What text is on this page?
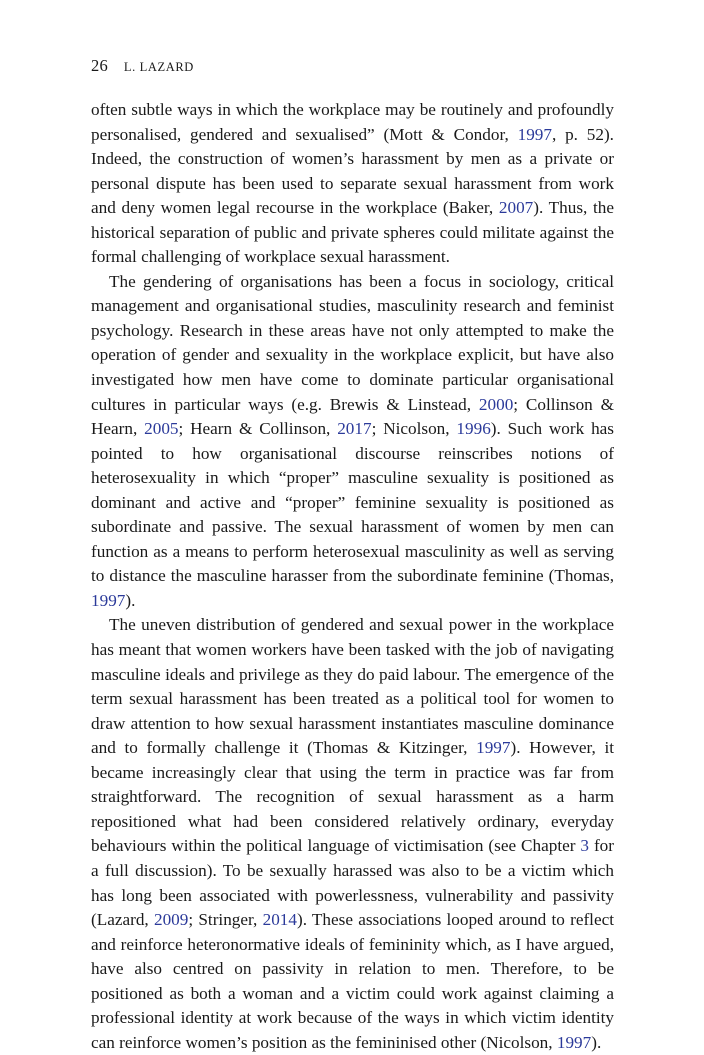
26 L. LAZARD

often subtle ways in which the workplace may be routinely and profoundly personalised, gendered and sexualised” (Mott & Condor, 1997, p. 52). Indeed, the construction of women’s harassment by men as a private or personal dispute has been used to separate sexual harassment from work and deny women legal recourse in the workplace (Baker, 2007). Thus, the historical separation of public and private spheres could militate against the formal challenging of workplace sexual harassment.

The gendering of organisations has been a focus in sociology, critical management and organisational studies, masculinity research and feminist psychology. Research in these areas have not only attempted to make the operation of gender and sexuality in the workplace explicit, but have also investigated how men have come to dominate particular organisational cultures in particular ways (e.g. Brewis & Linstead, 2000; Collinson & Hearn, 2005; Hearn & Collinson, 2017; Nicolson, 1996). Such work has pointed to how organisational discourse reinscribes notions of heterosexuality in which “proper” masculine sexuality is positioned as dominant and active and “proper” feminine sexuality is positioned as subordinate and passive. The sexual harassment of women by men can function as a means to perform heterosexual masculinity as well as serving to distance the masculine harasser from the subordinate feminine (Thomas, 1997).

The uneven distribution of gendered and sexual power in the workplace has meant that women workers have been tasked with the job of navigating masculine ideals and privilege as they do paid labour. The emergence of the term sexual harassment has been treated as a political tool for women to draw attention to how sexual harassment instantiates masculine dominance and to formally challenge it (Thomas & Kitzinger, 1997). However, it became increasingly clear that using the term in practice was far from straightforward. The recognition of sexual harassment as a harm repositioned what had been considered relatively ordinary, everyday behaviours within the political language of victimisation (see Chapter 3 for a full discussion). To be sexually harassed was also to be a victim which has long been associated with powerlessness, vulnerability and passivity (Lazard, 2009; Stringer, 2014). These associations looped around to reflect and reinforce heteronormative ideals of femininity which, as I have argued, have also centred on passivity in relation to men. Therefore, to be positioned as both a woman and a victim could work against claiming a professional identity at work because of the ways in which victim identity can reinforce women’s position as the femininised other (Nicolson, 1997).
